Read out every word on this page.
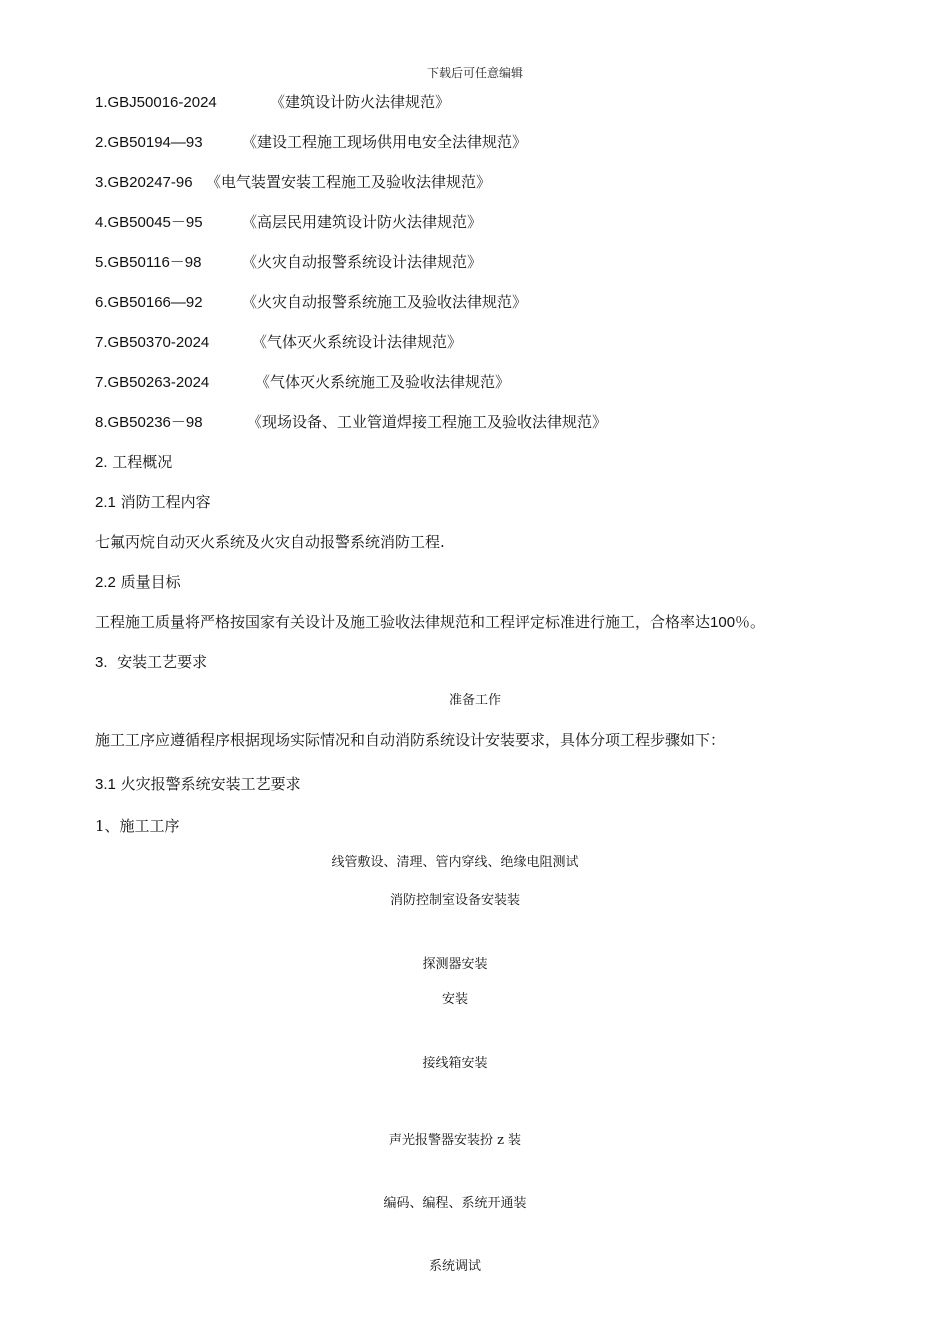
下载后可任意编辑
1.GBJ50016-2024	《建筑设计防火法律规范》
2.GB50194—93	《建设工程施工现场供用电安全法律规范》
3.GB20247-96 《电气装置安装工程施工及验收法律规范》
4.GB50045－95	《高层民用建筑设计防火法律规范》
5.GB50116－98	《火灾自动报警系统设计法律规范》
6.GB50166—92	《火灾自动报警系统施工及验收法律规范》
7.GB50370-2024	《气体灭火系统设计法律规范》
7.GB50263-2024	《气体灭火系统施工及验收法律规范》
8.GB50236－98	《现场设备、工业管道焊接工程施工及验收法律规范》
2. 工程概况
2.1 消防工程内容
七氟丙烷自动灭火系统及火灾自动报警系统消防工程.
2.2 质量目标
工程施工质量将严格按国家有关设计及施工验收法律规范和工程评定标准进行施工，合格率达100％。
3. 安装工艺要求
准备工作
施工工序应遵循程序根据现场实际情况和自动消防系统设计安装要求，具体分项工程步骤如下：
3.1 火灾报警系统安装工艺要求
1、施工工序
线管敷设、清理、管内穿线、绝缘电阻测试
消防控制室设备安装装
探测器安装
安装
接线箱安装
声光报警器安装扮 z 装
编码、编程、系统开通装
系统调试
